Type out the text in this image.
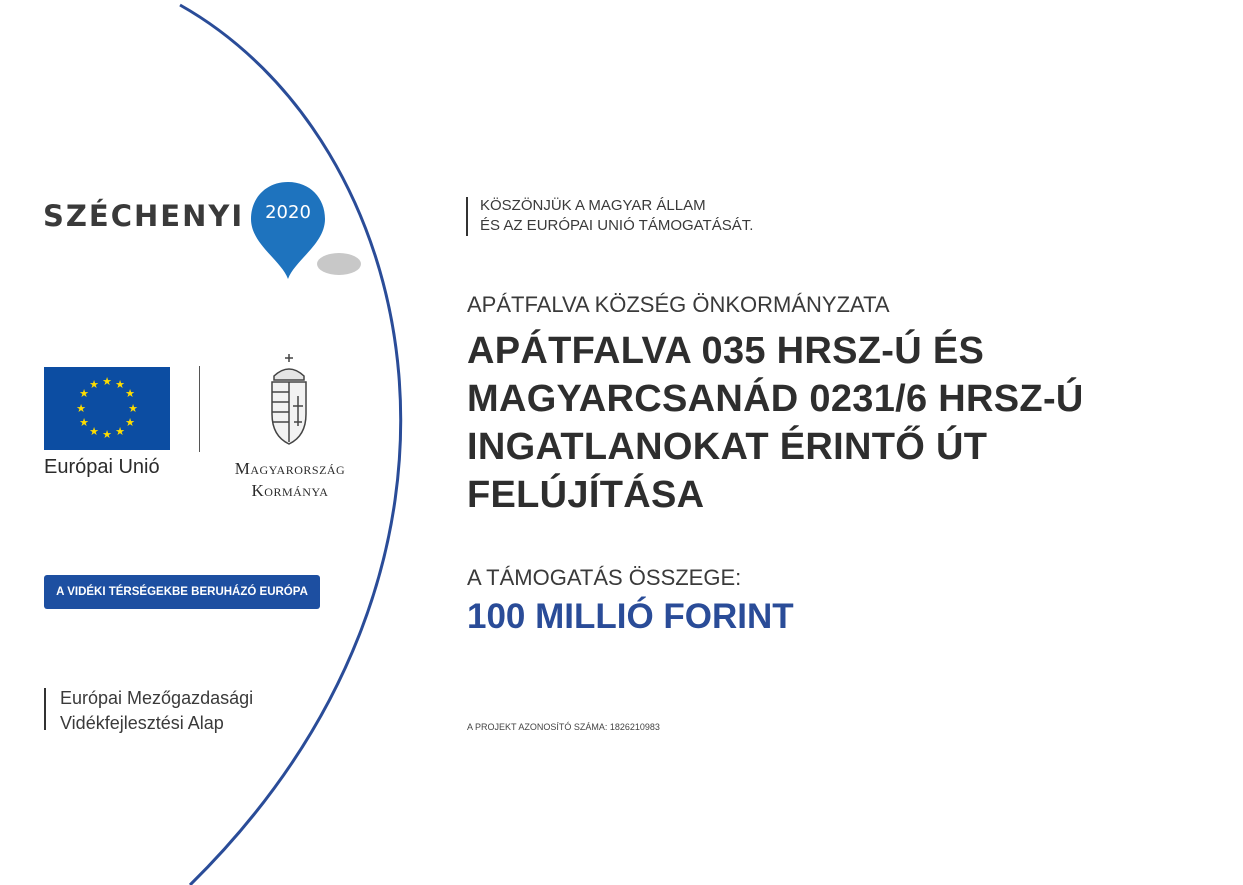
SZÉCHENYI	2020
★ ★
★
★
★
★
★
★
★
★
★
★
Európai Unió	Magyarország
Kormánya
A VIDÉKI TÉRSÉGEKBE BERUHÁZÓ EURÓPA
Európai Mezőgazdasági
Vidékfejlesztési Alap
KÖSZÖNJÜK A MAGYAR ÁLLAM
ÉS AZ EURÓPAI UNIÓ TÁMOGATÁSÁT.
APÁTFALVA KÖZSÉG ÖNKORMÁNYZATA
APÁTFALVA 035 HRSZ-Ú ÉS
MAGYARCSANÁD 0231/6 HRSZ-Ú
INGATLANOKAT ÉRINTŐ ÚT
FELÚJÍTÁSA
A TÁMOGATÁS ÖSSZEGE:
100 MILLIÓ FORINT
A PROJEKT AZONOSÍTÓ SZÁMA: 1826210983
